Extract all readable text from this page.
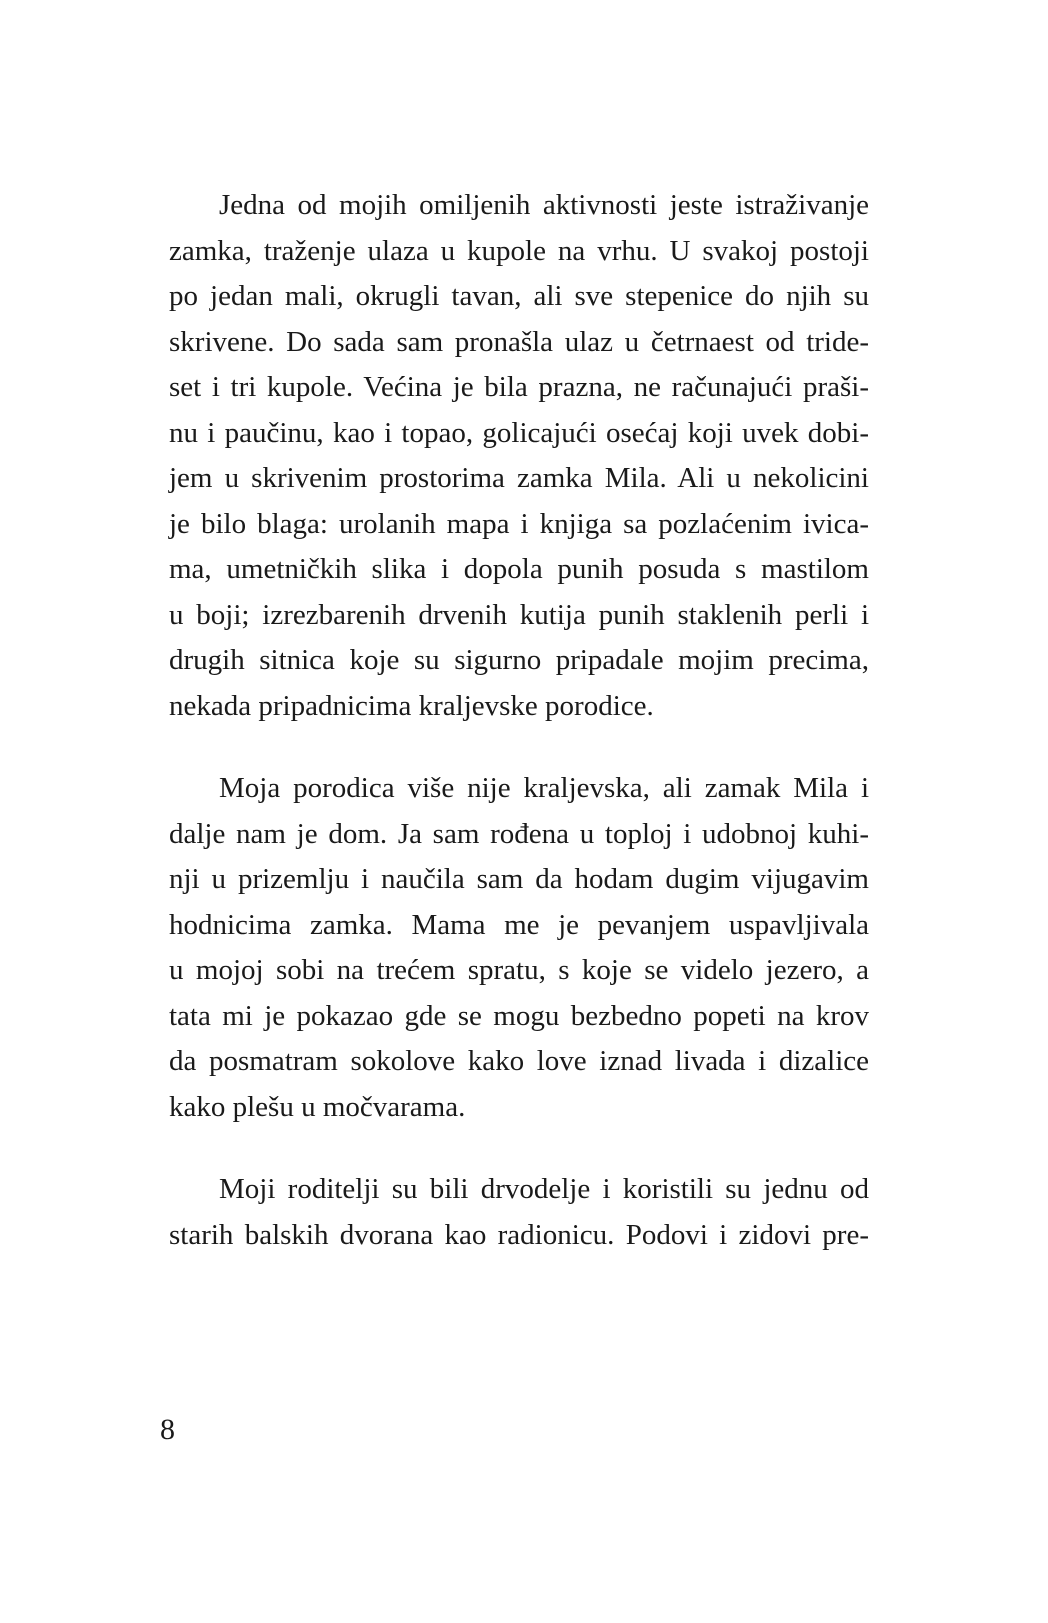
Jedna od mojih omiljenih aktivnosti jeste istraživanje
zamka, traženje ulaza u kupole na vrhu. U svakoj postoji
po jedan mali, okrugli tavan, ali sve stepenice do njih su
skrivene. Do sada sam pronašla ulaz u četrnaest od tride-
set i tri kupole. Većina je bila prazna, ne računajući praši-
nu i paučinu, kao i topao, golicajući osećaj koji uvek dobi-
jem u skrivenim prostorima zamka Mila. Ali u nekolicini
je bilo blaga: urolanih mapa i knjiga sa pozlaćenim ivica-
ma, umetničkih slika i dopola punih posuda s mastilom
u boji; izrezbarenih drvenih kutija punih staklenih perli i
drugih sitnica koje su sigurno pripadale mojim precima,
nekada pripadnicima kraljevske porodice.

Moja porodica više nije kraljevska, ali zamak Mila i
dalje nam je dom. Ja sam rođena u toploj i udobnoj kuhi-
nji u prizemlju i naučila sam da hodam dugim vijugavim
hodnicima zamka. Mama me je pevanjem uspavljivala
u mojoj sobi na trećem spratu, s koje se videlo jezero, a
tata mi je pokazao gde se mogu bezbedno popeti na krov
da posmatram sokolove kako love iznad livada i dizalice
kako plešu u močvarama.

Moji roditelji su bili drvodelje i koristili su jednu od
starih balskih dvorana kao radionicu. Podovi i zidovi pre-

8
